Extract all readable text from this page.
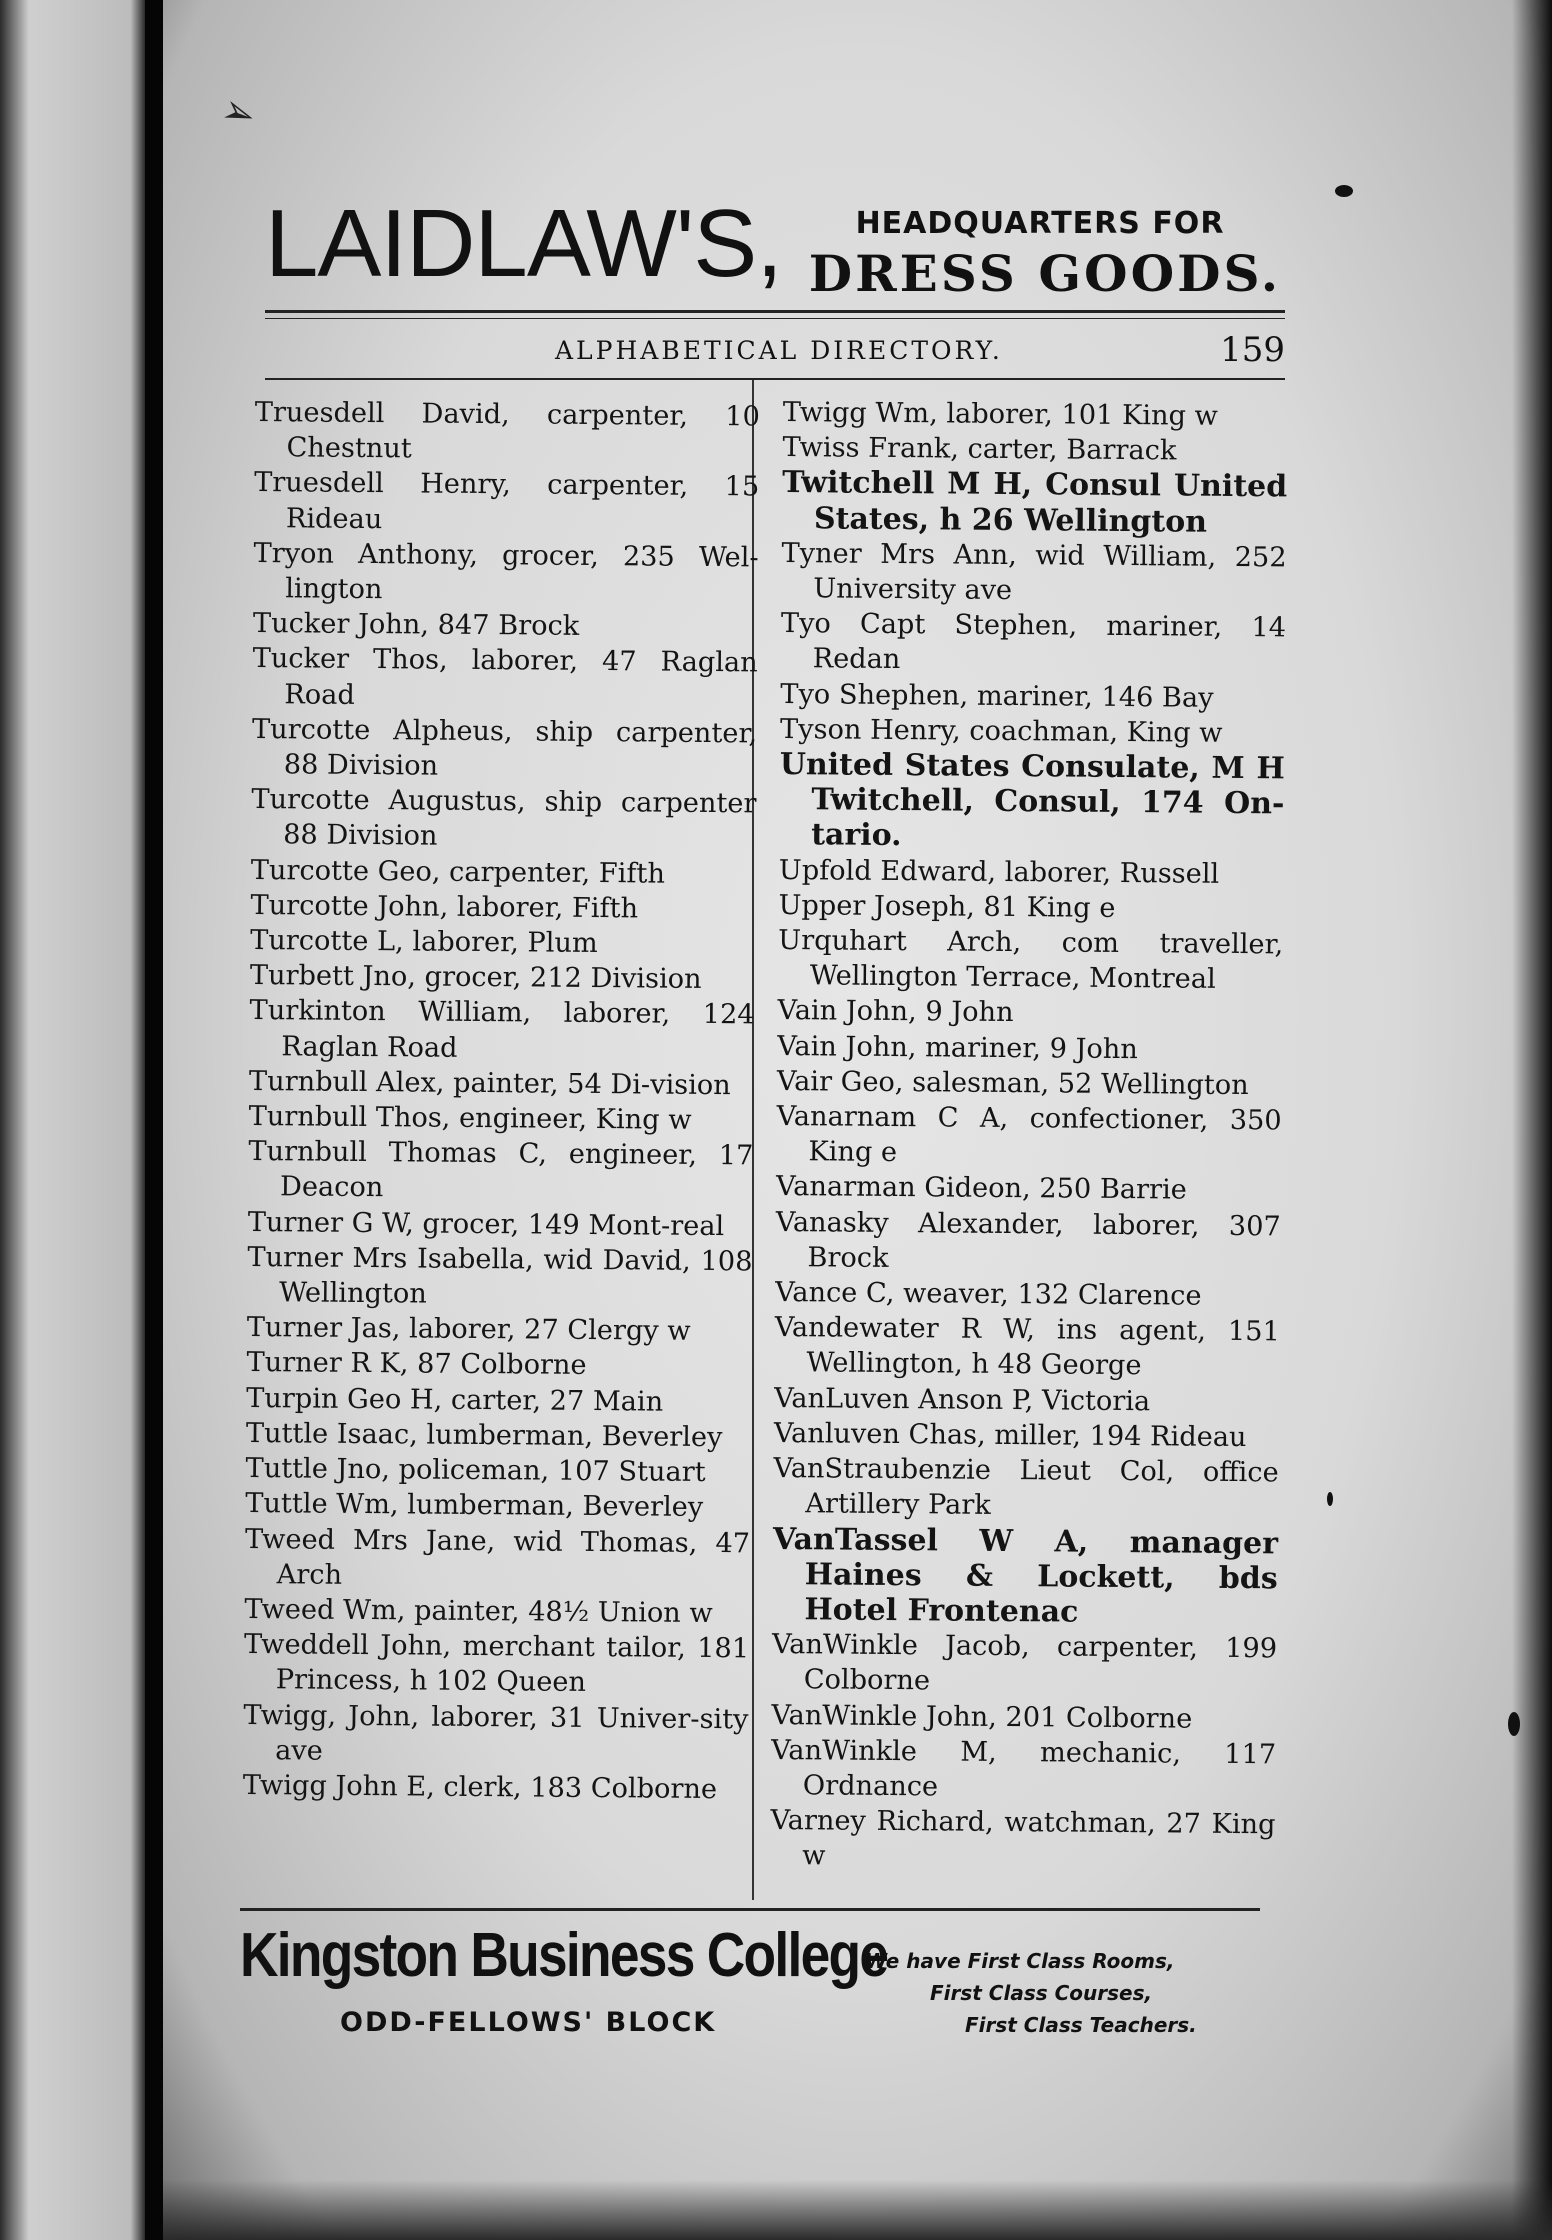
➢
LAIDLAW'S,	HEADQUARTERS FOR
DRESS GOODS.
ALPHABETICAL DIRECTORY.	159
Truesdell David, carpenter, 10 Chestnut
Truesdell Henry, carpenter, 15 Rideau
Tryon Anthony, grocer, 235 Wel-lington
Tucker John, 847 Brock
Tucker Thos, laborer, 47 Raglan Road
Turcotte Alpheus, ship carpenter, 88 Division
Turcotte Augustus, ship carpenter 88 Division
Turcotte Geo, carpenter, Fifth
Turcotte John, laborer, Fifth
Turcotte L, laborer, Plum
Turbett Jno, grocer, 212 Division
Turkinton William, laborer, 124 Raglan Road
Turnbull Alex, painter, 54 Di-vision
Turnbull Thos, engineer, King w
Turnbull Thomas C, engineer, 17 Deacon
Turner G W, grocer, 149 Mont-real
Turner Mrs Isabella, wid David, 108 Wellington
Turner Jas, laborer, 27 Clergy w
Turner R K, 87 Colborne
Turpin Geo H, carter, 27 Main
Tuttle Isaac, lumberman, Beverley
Tuttle Jno, policeman, 107 Stuart
Tuttle Wm, lumberman, Beverley
Tweed Mrs Jane, wid Thomas, 47 Arch
Tweed Wm, painter, 48½ Union w
Tweddell John, merchant tailor, 181 Princess, h 102 Queen
Twigg, John, laborer, 31 Univer-sity ave
Twigg John E, clerk, 183 Colborne
Twigg Wm, laborer, 101 King w
Twiss Frank, carter, Barrack
Twitchell M H, Consul United States, h 26 Wellington
Tyner Mrs Ann, wid William, 252 University ave
Tyo Capt Stephen, mariner, 14 Redan
Tyo Shephen, mariner, 146 Bay
Tyson Henry, coachman, King w
United States Consulate, M H Twitchell, Consul, 174 On-tario.
Upfold Edward, laborer, Russell
Upper Joseph, 81 King e
Urquhart Arch, com traveller, Wellington Terrace, Montreal
Vain John, 9 John
Vain John, mariner, 9 John
Vair Geo, salesman, 52 Wellington
Vanarnam C A, confectioner, 350 King e
Vanarman Gideon, 250 Barrie
Vanasky Alexander, laborer, 307 Brock
Vance C, weaver, 132 Clarence
Vandewater R W, ins agent, 151 Wellington, h 48 George
VanLuven Anson P, Victoria
Vanluven Chas, miller, 194 Rideau
VanStraubenzie Lieut Col, office Artillery Park
VanTassel W A, manager Haines & Lockett, bds Hotel Frontenac
VanWinkle Jacob, carpenter, 199 Colborne
VanWinkle John, 201 Colborne
VanWinkle M, mechanic, 117 Ordnance
Varney Richard, watchman, 27 King w
Kingston Business College
ODD-FELLOWS' BLOCK
We have First Class Rooms,
First Class Courses,
First Class Teachers.
